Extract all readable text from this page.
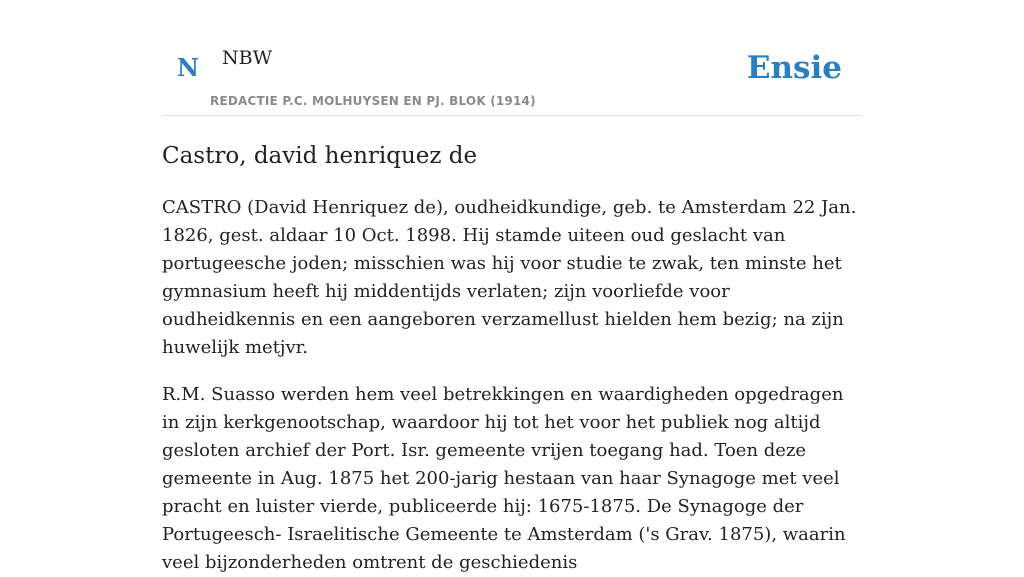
N NBW
REDACTIE P.C. MOLHUYSEN EN PJ. BLOK (1914)
Ensie
Castro, david henriquez de

CASTRO (David Henriquez de), oudheidkundige, geb. te Amsterdam 22 Jan. 1826, gest. aldaar 10 Oct. 1898. Hij stamde uiteen oud geslacht van portugeesche joden; misschien was hij voor studie te zwak, ten minste het gymnasium heeft hij middentijds verlaten; zijn voorliefde voor oudheidkennis en een aangeboren verzamellust hielden hem bezig; na zijn huwelijk metjvr.

R.M. Suasso werden hem veel betrekkingen en waardigheden opgedragen in zijn kerkgenootschap, waardoor hij tot het voor het publiek nog altijd gesloten archief der Port. Isr. gemeente vrijen toegang had. Toen deze gemeente in Aug. 1875 het 200-jarig hestaan van haar Synagoge met veel pracht en luister vierde, publiceerde hij: 1675-1875. De Synagoge der Portugeesch- Israelitische Gemeente te Amsterdam ('s Grav. 1875), waarin veel bijzonderheden omtrent de geschiedenis
